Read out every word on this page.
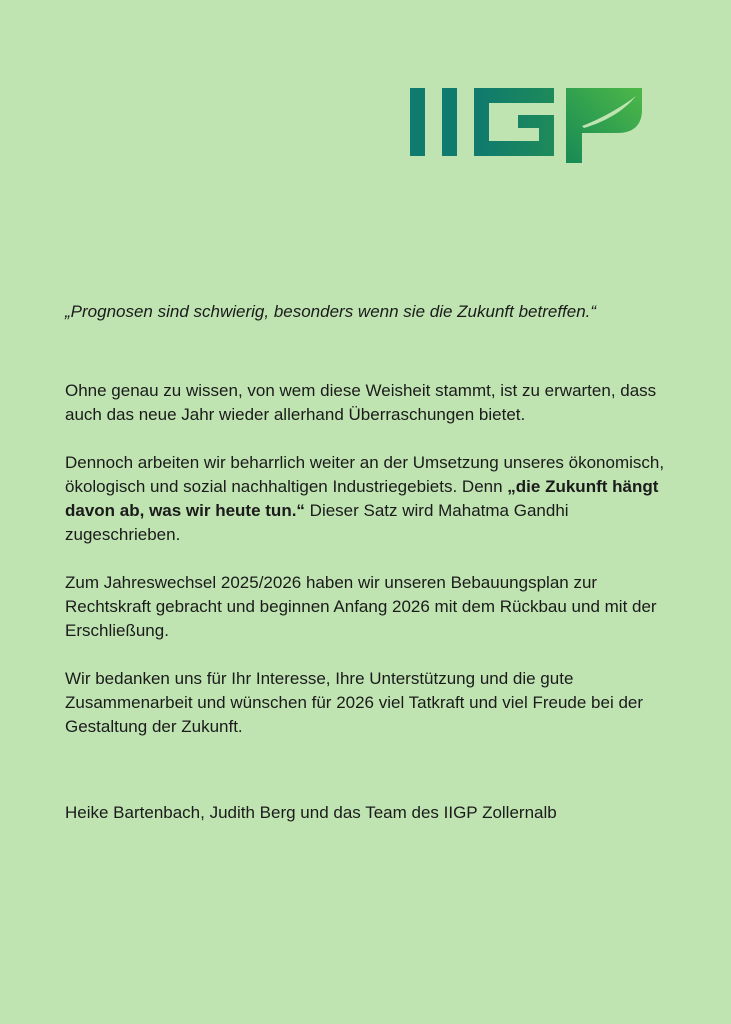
„Prognosen sind schwierig, besonders wenn sie die Zukunft betreffen.“

Ohne genau zu wissen, von wem diese Weisheit stammt, ist zu erwarten, dass auch das neue Jahr wieder allerhand Überraschungen bietet.

Dennoch arbeiten wir beharrlich weiter an der Umsetzung unseres ökonomisch, ökologisch und sozial nachhaltigen Industriegebiets. Denn „die Zukunft hängt davon ab, was wir heute tun.“ Dieser Satz wird Mahatma Gandhi zugeschrieben.

Zum Jahreswechsel 2025/2026 haben wir unseren Bebauungsplan zur Rechtskraft gebracht und beginnen Anfang 2026 mit dem Rückbau und mit der Erschließung.

Wir bedanken uns für Ihr Interesse, Ihre Unterstützung und die gute Zusammenarbeit und wünschen für 2026 viel Tatkraft und viel Freude bei der Gestaltung der Zukunft.

Heike Bartenbach, Judith Berg und das Team des IIGP Zollernalb
